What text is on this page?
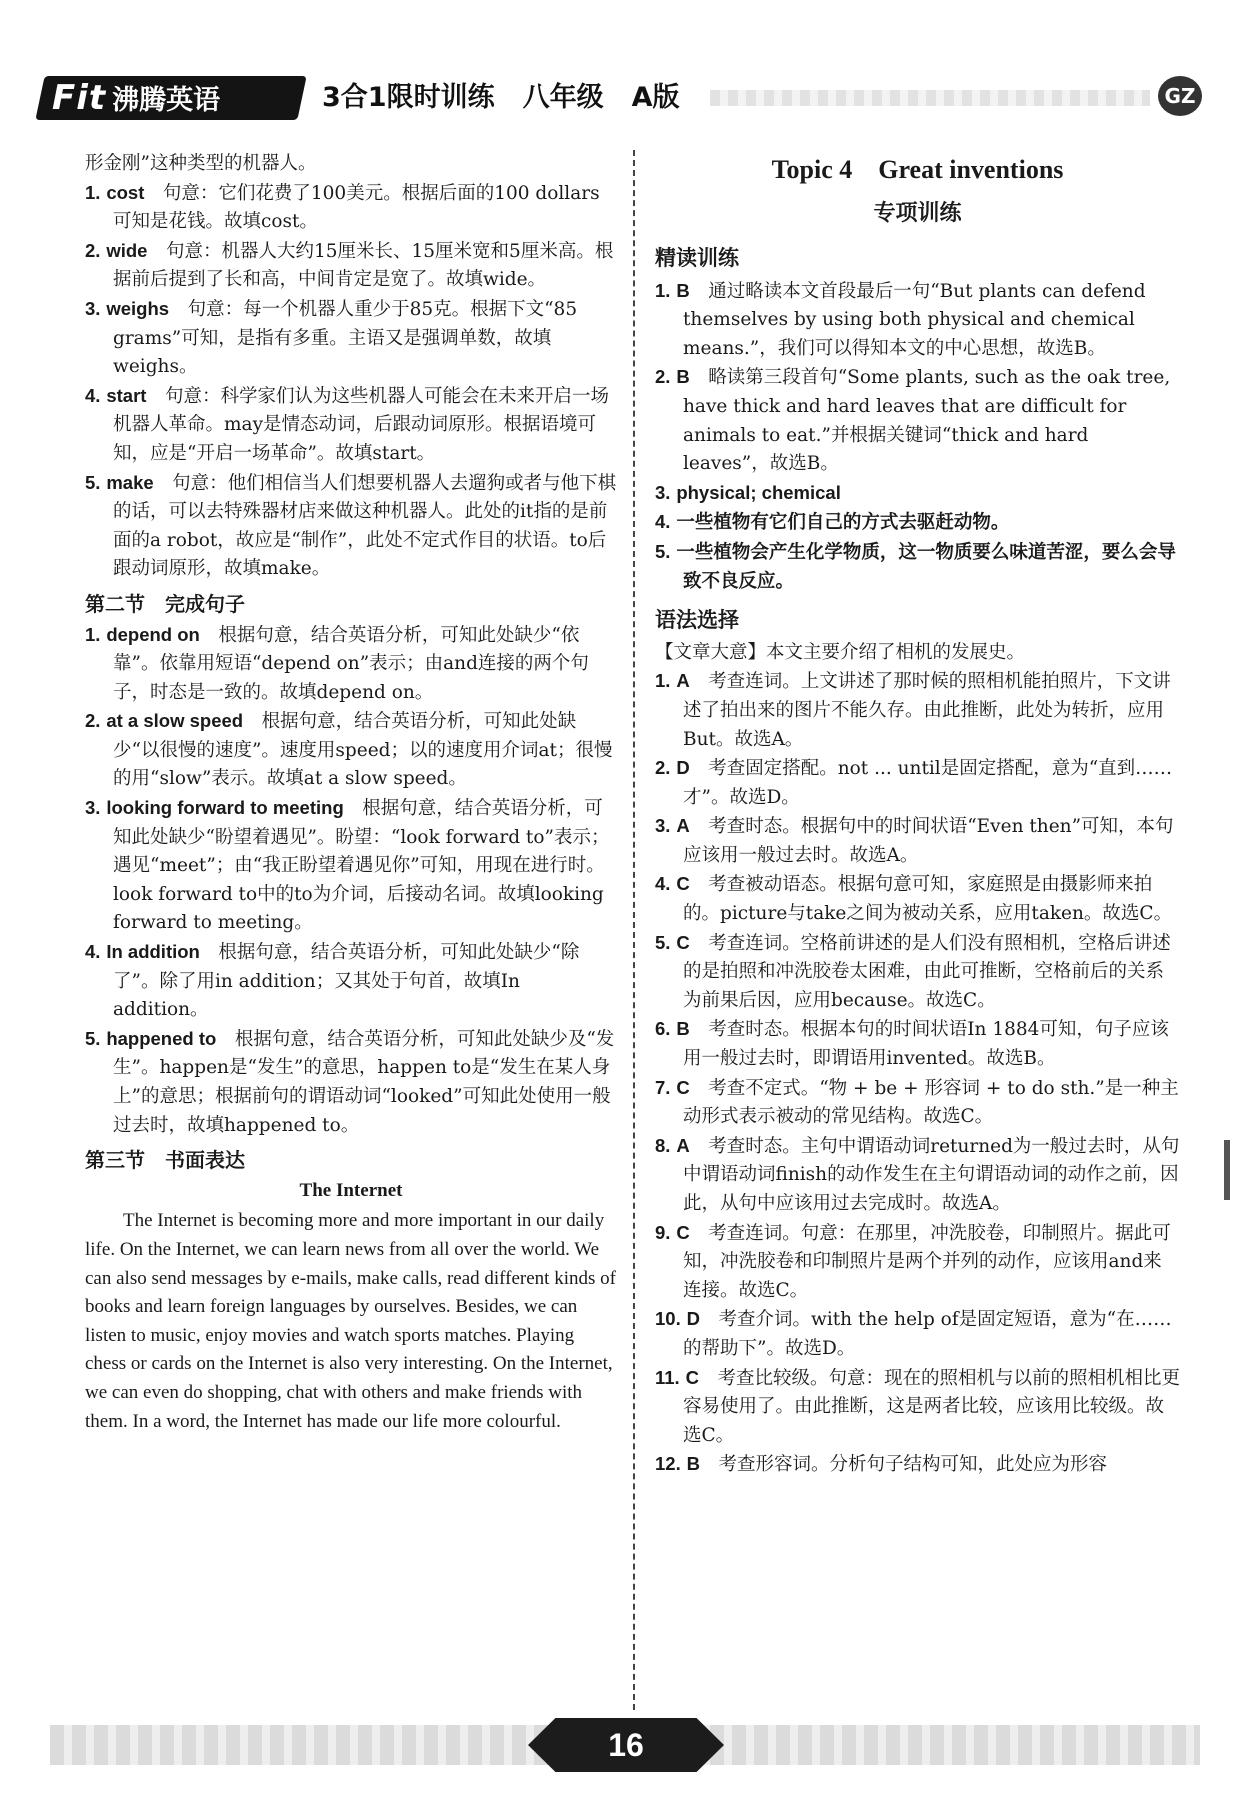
Fit 沸腾英语	3合1限时训练 八年级 A版	GZ

形金刚”这种类型的机器人。

1. cost　 句意：它们花费了100美元。根据后面的100 dollars可知是花钱。故填cost。

2. wide　 句意：机器人大约15厘米长、15厘米宽和5厘米高。根据前后提到了长和高，中间肯定是宽了。故填wide。

3. weighs　 句意：每一个机器人重少于85克。根据下文“85 grams”可知，是指有多重。主语又是强调单数，故填weighs。

4. start　 句意：科学家们认为这些机器人可能会在未来开启一场机器人革命。may是情态动词，后跟动词原形。根据语境可知，应是“开启一场革命”。故填start。

5. make　 句意：他们相信当人们想要机器人去遛狗或者与他下棋的话，可以去特殊器材店来做这种机器人。此处的it指的是前面的a robot，故应是“制作”，此处不定式作目的状语。to后跟动词原形，故填make。

第二节　完成句子

1. depend on　 根据句意，结合英语分析，可知此处缺少“依靠”。依靠用短语“depend on”表示；由and连接的两个句子，时态是一致的。故填depend on。

2. at a slow speed　 根据句意，结合英语分析，可知此处缺少“以很慢的速度”。速度用speed；以的速度用介词at；很慢的用“slow”表示。故填at a slow speed。

3. looking forward to meeting　 根据句意，结合英语分析，可知此处缺少“盼望着遇见”。盼望：“look forward to”表示；遇见“meet”；由“我正盼望着遇见你”可知，用现在进行时。look forward to中的to为介词，后接动名词。故填looking forward to meeting。

4. In addition　 根据句意，结合英语分析，可知此处缺少“除了”。除了用in addition；又其处于句首，故填In addition。

5. happened to　 根据句意，结合英语分析，可知此处缺少及“发生”。happen是“发生”的意思，happen to是“发生在某人身上”的意思；根据前句的谓语动词“looked”可知此处使用一般过去时，故填happened to。

第三节　书面表达
The Internet

The Internet is becoming more and more important in our daily life. On the Internet, we can learn news from all over the world. We can also send messages by e-mails, make calls, read different kinds of books and learn foreign languages by ourselves. Besides, we can listen to music, enjoy movies and watch sports matches. Playing chess or cards on the Internet is also very interesting. On the Internet, we can even do shopping, chat with others and make friends with them. In a word, the Internet has made our life more colourful.

Topic 4　Great inventions
专项训练
精读训练

1. B　 通过略读本文首段最后一句“But plants can defend themselves by using both physical and chemical means.”，我们可以得知本文的中心思想，故选B。

2. B　 略读第三段首句“Some plants, such as the oak tree, have thick and hard leaves that are difficult for animals to eat.”并根据关键词“thick and hard leaves”，故选B。

3. physical; chemical　

4. 一些植物有它们自己的方式去驱赶动物。

5. 一些植物会产生化学物质，这一物质要么味道苦涩，要么会导致不良反应。

语法选择

【文章大意】本文主要介绍了相机的发展史。

1. A　 考查连词。上文讲述了那时候的照相机能拍照片，下文讲述了拍出来的图片不能久存。由此推断，此处为转折，应用But。故选A。

2. D　 考查固定搭配。not ... until是固定搭配，意为“直到……才”。故选D。

3. A　 考查时态。根据句中的时间状语“Even then”可知，本句应该用一般过去时。故选A。

4. C　 考查被动语态。根据句意可知，家庭照是由摄影师来拍的。picture与take之间为被动关系，应用taken。故选C。

5. C　 考查连词。空格前讲述的是人们没有照相机，空格后讲述的是拍照和冲洗胶卷太困难，由此可推断，空格前后的关系为前果后因，应用because。故选C。

6. B　 考查时态。根据本句的时间状语In 1884可知，句子应该用一般过去时，即谓语用invented。故选B。

7. C　 考查不定式。“物 + be + 形容词 + to do sth.”是一种主动形式表示被动的常见结构。故选C。

8. A　 考查时态。主句中谓语动词returned为一般过去时，从句中谓语动词finish的动作发生在主句谓语动词的动作之前，因此，从句中应该用过去完成时。故选A。

9. C　 考查连词。句意：在那里，冲洗胶卷，印制照片。据此可知，冲洗胶卷和印制照片是两个并列的动作，应该用and来连接。故选C。

10. D　 考查介词。with the help of是固定短语，意为“在……的帮助下”。故选D。

11. C　 考查比较级。句意：现在的照相机与以前的照相机相比更容易使用了。由此推断，这是两者比较，应该用比较级。故选C。

12. B　 考查形容词。分析句子结构可知，此处应为形容

16
